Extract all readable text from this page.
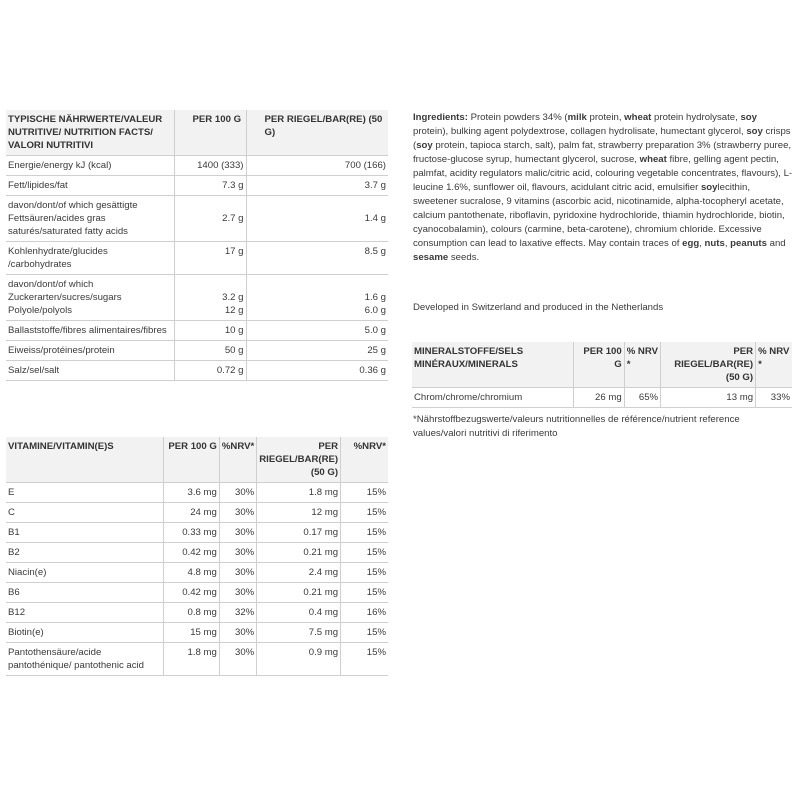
TYPISCHE NÄHRWERTE/VALEUR NUTRITIVE/ NUTRITION FACTS/ VALORI NUTRITIVI	PER 100 G	PER RIEGEL/BAR(RE) (50 G)
Energie/energy kJ (kcal)	1400 (333)	700 (166)
Fett/lipides/fat	7.3 g	3.7 g
davon/dont/of which gesättigte Fettsäuren/acides gras saturés/saturated fatty acids	2.7 g	1.4 g
Kohlenhydrate/glucides /carbohydrates	17 g	8.5 g
davon/dont/of which Zuckerarten/sucres/sugars	3.2 g	1.6 g
Polyole/polyols	12 g	6.0 g
Ballaststoffe/fibres alimentaires/fibres	10 g	5.0 g
Eiweiss/protéines/protein	50 g	25 g
Salz/sel/salt	0.72 g	0.36 g
VITAMINE/VITAMIN(E)S	PER 100 G	%NRV*	PER RIEGEL/BAR(RE) (50 G)	%NRV*
E	3.6 mg	30%	1.8 mg	15%
C	24 mg	30%	12 mg	15%
B1	0.33 mg	30%	0.17 mg	15%
B2	0.42 mg	30%	0.21 mg	15%
Niacin(e)	4.8 mg	30%	2.4 mg	15%
B6	0.42 mg	30%	0.21 mg	15%
B12	0.8 mg	32%	0.4 mg	16%
Biotin(e)	15 mg	30%	7.5 mg	15%
Pantothensäure/acide pantothénique/ pantothenic acid	1.8 mg	30%	0.9 mg	15%
Ingredients: Protein powders 34% (milk protein, wheat protein hydrolysate, soy protein), bulking agent polydextrose, collagen hydrolisate, humectant glycerol, soy crisps (soy protein, tapioca starch, salt), palm fat, strawberry preparation 3% (strawberry puree, fructose-glucose syrup, humectant glycerol, sucrose, wheat fibre, gelling agent pectin, palmfat, acidity regulators malic/citric acid, colouring vegetable concentrates, flavours), L-leucine 1.6%, sunflower oil, flavours, acidulant citric acid, emulsifier soylecithin, sweetener sucralose, 9 vitamins (ascorbic acid, nicotinamide, alpha-tocopheryl acetate, calcium pantothenate, riboflavin, pyridoxine hydrochloride, thiamin hydrochloride, biotin, cyanocobalamin), colours (carmine, beta-carotene), chromium chloride. Excessive consumption can lead to laxative effects. May contain traces of egg, nuts, peanuts and sesame seeds.
Developed in Switzerland and produced in the Netherlands
MINERALSTOFFE/SELS MINÉRAUX/MINERALS	PER 100 G	% NRV *	PER RIEGEL/BAR(RE) (50 G)	% NRV *
Chrom/chrome/chromium	26 mg	65%	13 mg	33%
*Nährstoffbezugswerte/valeurs nutritionnelles de référence/nutrient reference values/valori nutritivi di riferimento
